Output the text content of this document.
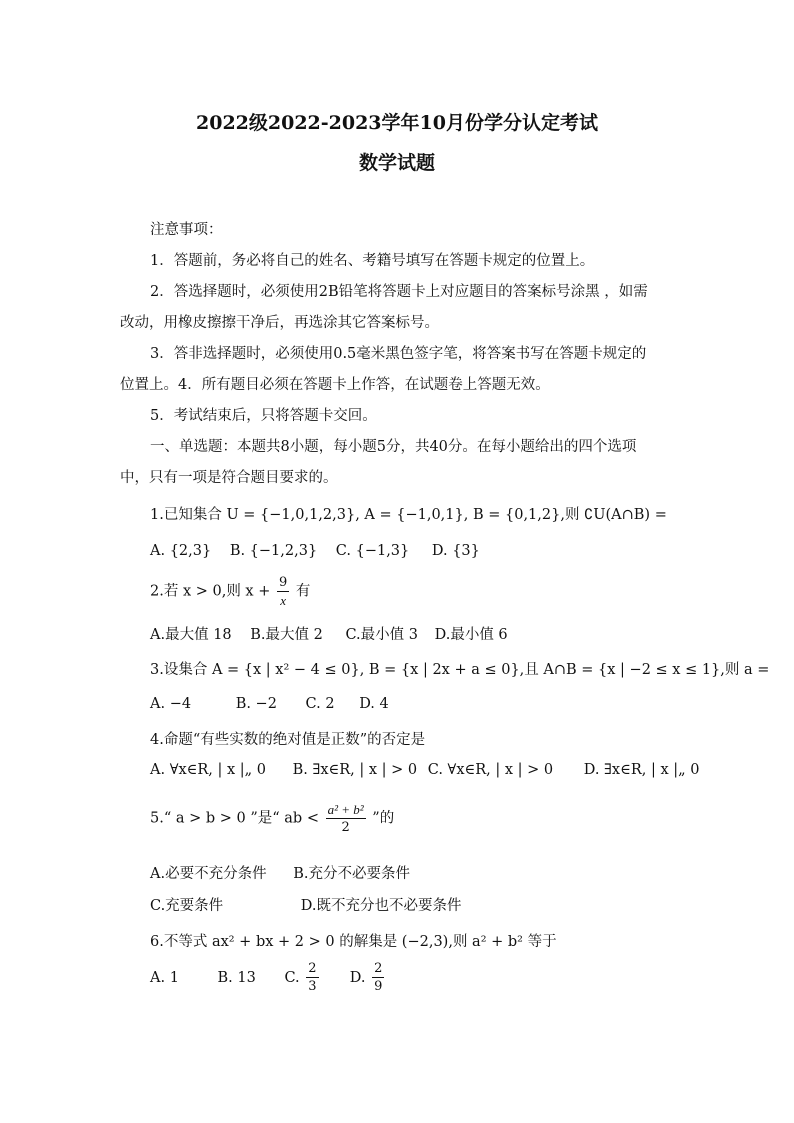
2022级2022-2023学年10月份学分认定考试
数学试题
注意事项：
1．答题前，务必将自己的姓名、考籍号填写在答题卡规定的位置上。
2．答选择题时，必须使用2B铅笔将答题卡上对应题目的答案标号涂黑 ，如需
改动，用橡皮擦擦干净后，再选涂其它答案标号。
3．答非选择题时，必须使用0.5毫米黑色签字笔，将答案书写在答题卡规定的
位置上。4．所有题目必须在答题卡上作答，在试题卷上答题无效。
5．考试结束后，只将答题卡交回。
一、单选题：本题共8小题，每小题5分，共40分。在每小题给出的四个选项
中，只有一项是符合题目要求的。
1.已知集合 U = {−1,0,1,2,3}, A = {−1,0,1}, B = {0,1,2},则 ∁U(A∩B) =
A. {2,3} B. {−1,2,3} C. {−1,3} D. {3}
2.若 x > 0,则 $x + \frac{9}{x}$ 有
A.最大值 18 B.最大值 2 C.最小值 3 D.最小值 6
3.设集合 A = {x | x² − 4 ≤ 0}, B = {x | 2x + a ≤ 0},且 A∩B = {x | −2 ≤ x ≤ 1},则 a =
A. −4	B. −2 C. 2 D. 4
4.命题“有些实数的绝对值是正数”的否定是
A. ∀x∈R, | x |„ 0 B. ∃x∈R, | x | > 0 C. ∀x∈R, | x | > 0 D. ∃x∈R, | x |„ 0
5.“ a > b > 0 ”是“ ab < $\frac{\text{a² + b²}}{2}$ ”的
A.必要不充分条件 B.充分不必要条件
C.充要条件	D.既不充分也不必要条件
6.不等式 ax² + bx + 2 > 0 的解集是 (−2,3),则 a² + b² 等于
A. 1	B. 13 C. $\frac{2}{3} D$. $\frac{2}{9}$
